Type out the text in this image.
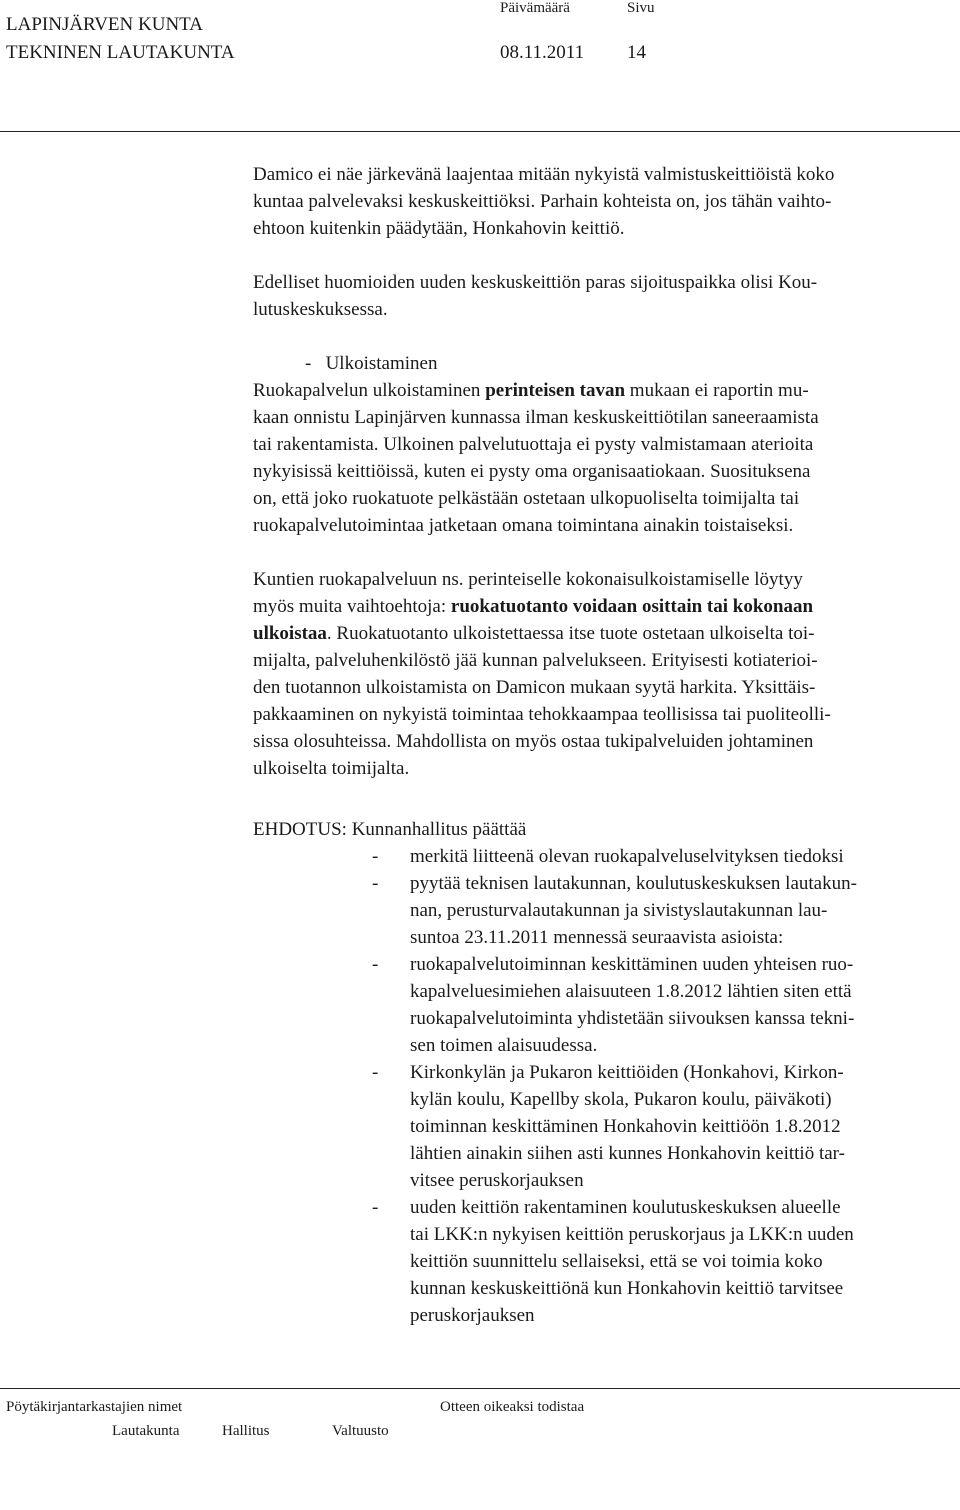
LAPINJÄRVEN KUNTA
Päivämäärä	Sivu
TEKNINEN LAUTAKUNTA	08.11.2011 14
Damico ei näe järkevänä laajentaa mitään nykyistä valmistuskeittiöistä koko
kuntaa palvelevaksi keskuskeittiöksi. Parhain kohteista on, jos tähän vaihto-
ehtoon kuitenkin päädytään, Honkahovin keittiö.
Edelliset huomioiden uuden keskuskeittiön paras sijoituspaikka olisi Kou-
lutuskeskuksessa.
-   Ulkoistaminen
Ruokapalvelun ulkoistaminen perinteisen tavan mukaan ei raportin mu-
kaan onnistu Lapinjärven kunnassa ilman keskuskeittiötilan saneeraamista
tai rakentamista. Ulkoinen palvelutuottaja ei pysty valmistamaan aterioita
nykyisissä keittiöissä, kuten ei pysty oma organisaatiokaan. Suosituksena
on, että joko ruokatuote pelkästään ostetaan ulkopuoliselta toimijalta tai
ruokapalvelutoimintaa jatketaan omana toimintana ainakin toistaiseksi.
Kuntien ruokapalveluun ns. perinteiselle kokonaisulkoistamiselle löytyy
myös muita vaihtoehtoja: ruokatuotanto voidaan osittain tai kokonaan
ulkoistaa. Ruokatuotanto ulkoistettaessa itse tuote ostetaan ulkoiselta toi-
mijalta, palveluhenkilöstö jää kunnan palvelukseen. Erityisesti kotiaterioi-
den tuotannon ulkoistamista on Damicon mukaan syytä harkita. Yksittäis-
pakkaaminen on nykyistä toimintaa tehokkaampaa teollisissa tai puoliteolli-
sissa olosuhteissa. Mahdollista on myös ostaa tukipalveluiden johtaminen
ulkoiselta toimijalta.
EHDOTUS: Kunnanhallitus päättää
-	merkitä liitteenä olevan ruokapalveluselvityksen tiedoksi
-	pyytää teknisen lautakunnan, koulutuskeskuksen lautakun-
nan, perusturvalautakunnan ja sivistyslautakunnan lau-
suntoa 23.11.2011 mennessä seuraavista asioista:
-	ruokapalvelutoiminnan keskittäminen uuden yhteisen ruo-
kapalveluesimiehen alaisuuteen 1.8.2012 lähtien siten että
ruokapalvelutoiminta yhdistetään siivouksen kanssa tekni-
sen toimen alaisuudessa.
-	Kirkonkylän ja Pukaron keittiöiden (Honkahovi, Kirkon-
kylän koulu, Kapellby skola, Pukaron koulu, päiväkoti)
toiminnan keskittäminen Honkahovin keittiöön 1.8.2012
lähtien ainakin siihen asti kunnes Honkahovin keittiö tar-
vitsee peruskorjauksen
-	uuden keittiön rakentaminen koulutuskeskuksen alueelle
tai LKK:n nykyisen keittiön peruskorjaus ja LKK:n uuden
keittiön suunnittelu sellaiseksi, että se voi toimia koko
kunnan keskuskeittiönä kun Honkahovin keittiö tarvitsee
peruskorjauksen
Pöytäkirjantarkastajien nimet	Otteen oikeaksi todistaa
Lautakunta	Hallitus	Valtuusto
